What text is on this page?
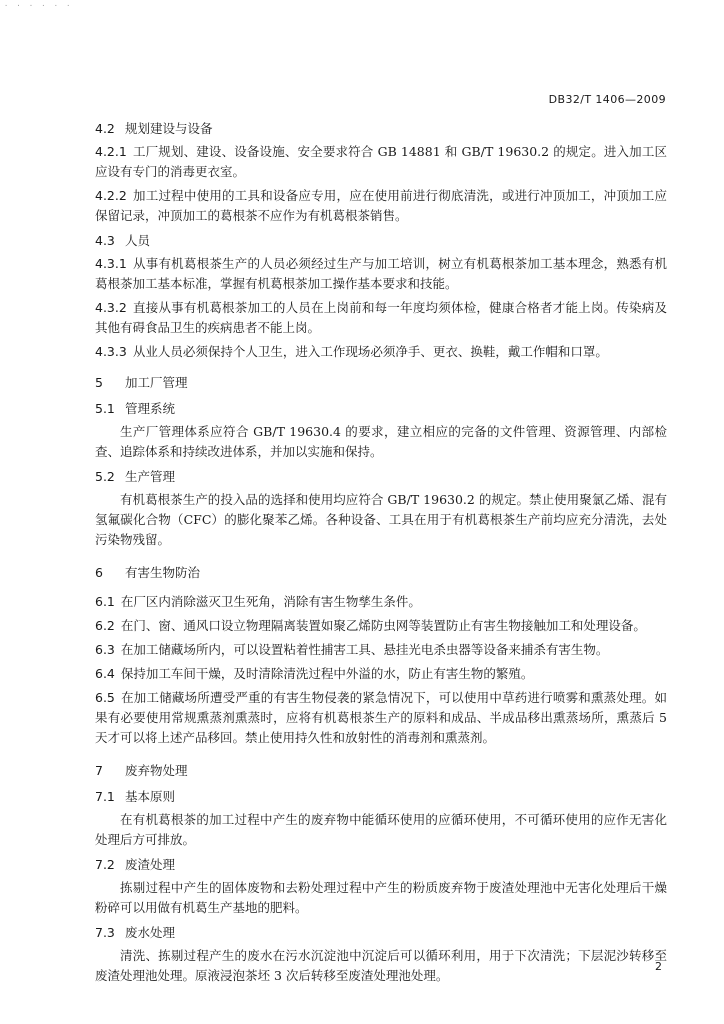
· · · · · ·
DB32/T 1406—2009

4.2 规划建设与设备

4.2.1 工厂规划、建设、设备设施、安全要求符合 GB 14881 和 GB/T 19630.2 的规定。进入加工区应设有专门的消毒更衣室。

4.2.2 加工过程中使用的工具和设备应专用，应在使用前进行彻底清洗，或进行冲顶加工，冲顶加工应保留记录，冲顶加工的葛根茶不应作为有机葛根茶销售。

4.3 人员

4.3.1 从事有机葛根茶生产的人员必须经过生产与加工培训，树立有机葛根茶加工基本理念，熟悉有机葛根茶加工基本标准，掌握有机葛根茶加工操作基本要求和技能。

4.3.2 直接从事有机葛根茶加工的人员在上岗前和每一年度均须体检，健康合格者才能上岗。传染病及其他有碍食品卫生的疾病患者不能上岗。

4.3.3 从业人员必须保持个人卫生，进入工作现场必须净手、更衣、换鞋，戴工作帽和口罩。

5 加工厂管理

5.1 管理系统

生产厂管理体系应符合 GB/T 19630.4 的要求，建立相应的完备的文件管理、资源管理、内部检查、追踪体系和持续改进体系，并加以实施和保持。

5.2 生产管理

有机葛根茶生产的投入品的选择和使用均应符合 GB/T 19630.2 的规定。禁止使用聚氯乙烯、混有氢氟碳化合物（CFC）的膨化聚苯乙烯。各种设备、工具在用于有机葛根茶生产前均应充分清洗，去处污染物残留。

6 有害生物防治

6.1 在厂区内消除滋灭卫生死角，消除有害生物孳生条件。

6.2 在门、窗、通风口设立物理隔离装置如聚乙烯防虫网等装置防止有害生物接触加工和处理设备。

6.3 在加工储藏场所内，可以设置粘着性捕害工具、悬挂光电杀虫器等设备来捕杀有害生物。

6.4 保持加工车间干燥，及时清除清洗过程中外溢的水，防止有害生物的繁殖。

6.5 在加工储藏场所遭受严重的有害生物侵袭的紧急情况下，可以使用中草药进行喷雾和熏蒸处理。如果有必要使用常规熏蒸剂熏蒸时，应将有机葛根茶生产的原料和成品、半成品移出熏蒸场所，熏蒸后 5 天才可以将上述产品移回。禁止使用持久性和放射性的消毒剂和熏蒸剂。

7 废弃物处理

7.1 基本原则

在有机葛根茶的加工过程中产生的废弃物中能循环使用的应循环使用，不可循环使用的应作无害化处理后方可排放。

7.2 废渣处理

拣剔过程中产生的固体废物和去粉处理过程中产生的粉质废弃物于废渣处理池中无害化处理后干燥粉碎可以用做有机葛生产基地的肥料。

7.3 废水处理

清洗、拣剔过程产生的废水在污水沉淀池中沉淀后可以循环利用，用于下次清洗；下层泥沙转移至废渣处理池处理。原液浸泡茶坯 3 次后转移至废渣处理池处理。

2
